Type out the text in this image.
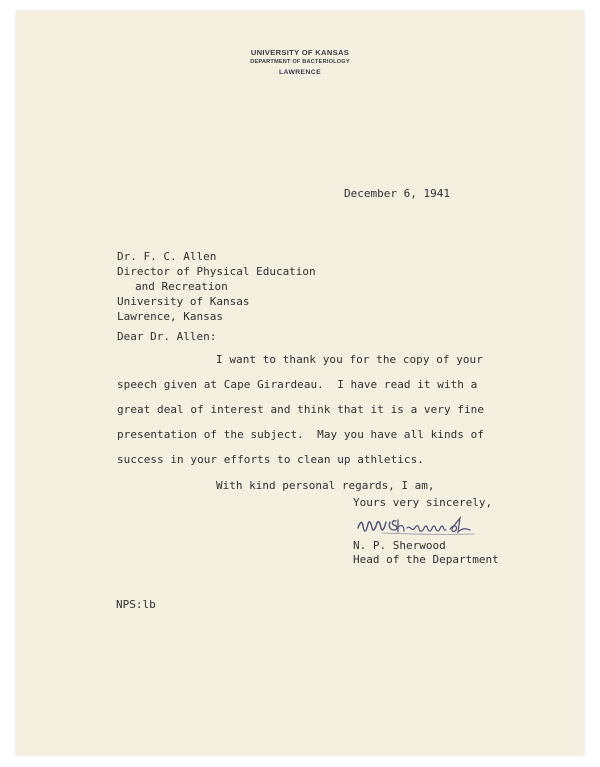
UNIVERSITY OF KANSAS
DEPARTMENT OF BACTERIOLOGY
LAWRENCE
December 6, 1941
Dr. F. C. Allen
Director of Physical Education
and Recreation
University of Kansas
Lawrence, Kansas
Dear Dr. Allen:
I want to thank you for the copy of your
speech given at Cape Girardeau.  I have read it with a
great deal of interest and think that it is a very fine
presentation of the subject.  May you have all kinds of
success in your efforts to clean up athletics.
With kind personal regards, I am,
Yours very sincerely,
N. P. Sherwood
Head of the Department
NPS:lb
